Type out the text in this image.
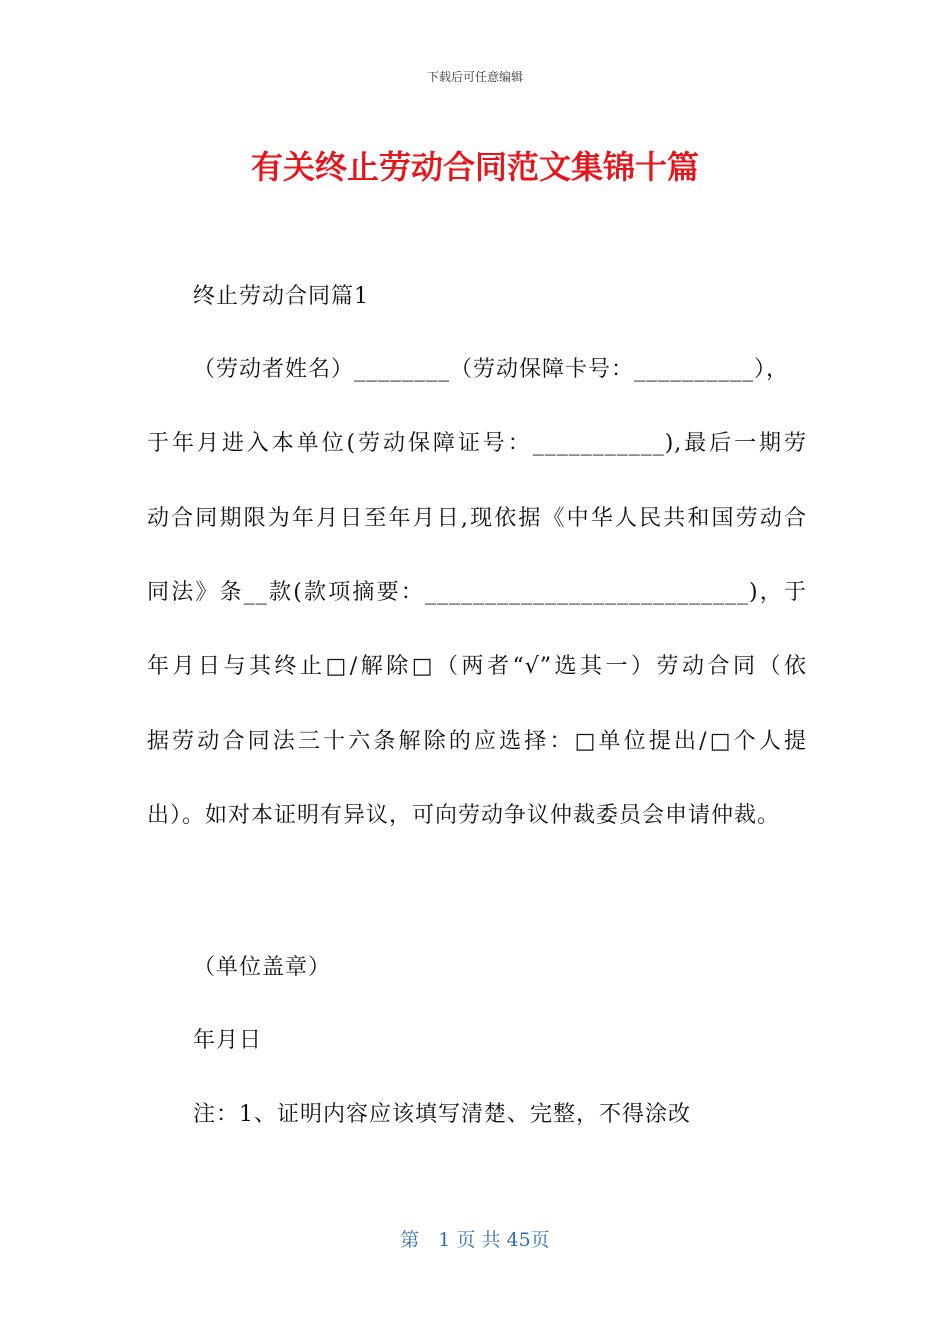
下载后可任意编辑
有关终止劳动合同范文集锦十篇
终止劳动合同篇1
（劳动者姓名）________（劳动保障卡号：__________），
于年月进入本单位(劳动保障证号：___________),最后一期劳
动合同期限为年月日至年月日,现依据《中华人民共和国劳动合
同法》条__款(款项摘要：___________________________)，于
年月日与其终止□/解除□（两者“√”选其一）劳动合同（依
据劳动合同法三十六条解除的应选择：□单位提出/□个人提
出）。如对本证明有异议，可向劳动争议仲裁委员会申请仲裁。
（单位盖章）
年月日
注：1、证明内容应该填写清楚、完整，不得涂改
第　1 页 共 45页
